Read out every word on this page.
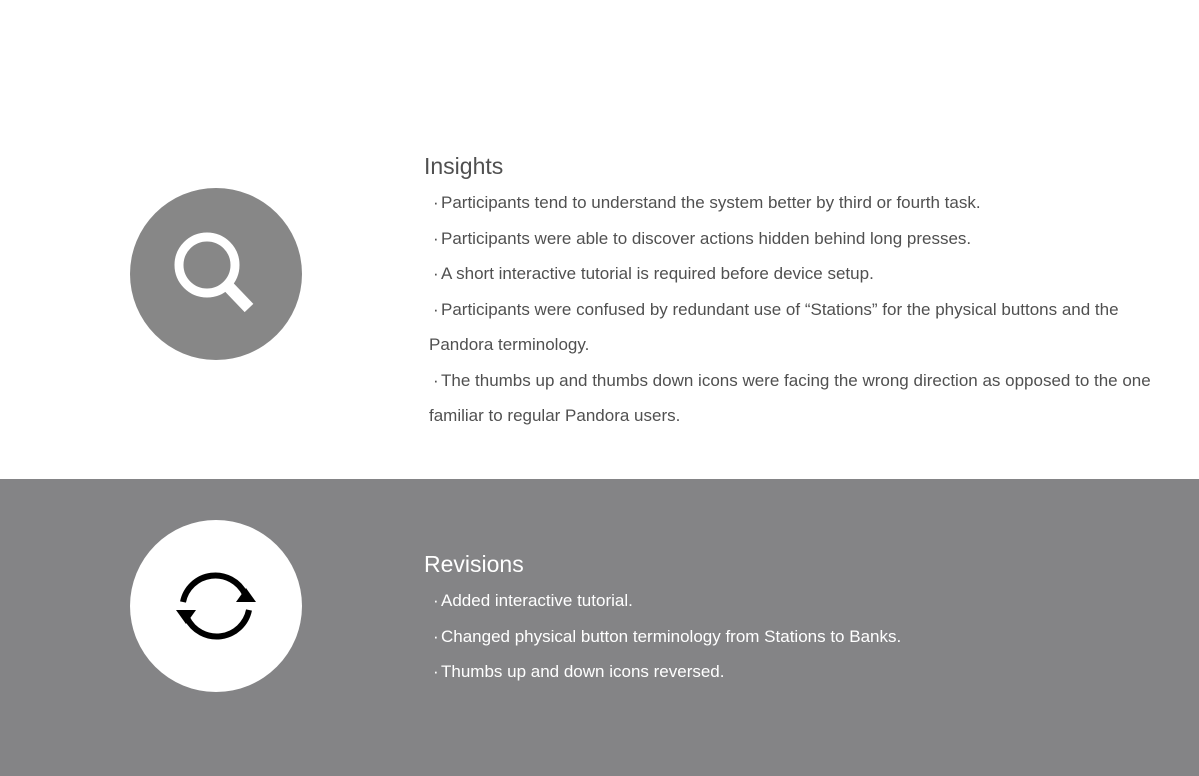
Insights
· Participants tend to understand the system better by third or fourth task.
· Participants were able to discover actions hidden behind long presses.
· A short interactive tutorial is required before device setup.
· Participants were confused by redundant use of “Stations” for the physical buttons and the Pandora terminology.
· The thumbs up and thumbs down icons were facing the wrong direction as opposed to the one familiar to regular Pandora users.
Revisions
· Added interactive tutorial.
· Changed physical button terminology from Stations to Banks.
· Thumbs up and down icons reversed.
